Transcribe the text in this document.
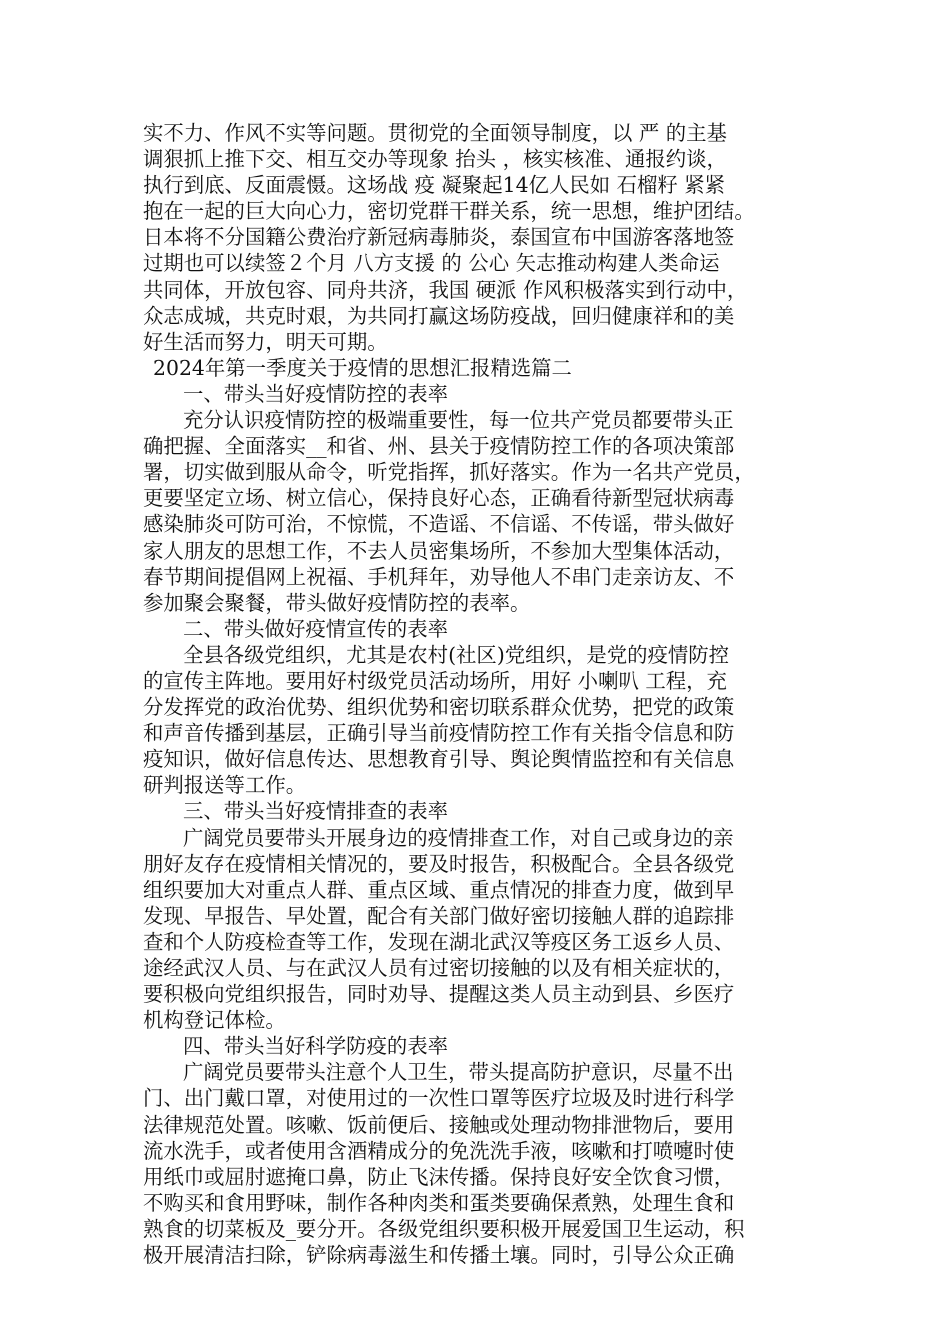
实不力、作风不实等问题。贯彻党的全面领导制度，以 严 的主基
调狠抓上推下交、相互交办等现象 抬头 ，核实核准、通报约谈，
执行到底、反面震慑。这场战 疫 凝聚起14亿人民如 石榴籽 紧紧
抱在一起的巨大向心力，密切党群干群关系，统一思想，维护团结。
日本将不分国籍公费治疗新冠病毒肺炎，泰国宣布中国游客落地签
过期也可以续签２个月 八方支援 的 公心 矢志推动构建人类命运
共同体，开放包容、同舟共济，我国 硬派 作风积极落实到行动中，
众志成城，共克时艰，为共同打赢这场防疫战，回归健康祥和的美
好生活而努力，明天可期。
2024年第一季度关于疫情的思想汇报精选篇二
一、带头当好疫情防控的表率
充分认识疫情防控的极端重要性，每一位共产党员都要带头正
确把握、全面落实__和省、州、县关于疫情防控工作的各项决策部
署，切实做到服从命令，听党指挥，抓好落实。作为一名共产党员，
更要坚定立场、树立信心，保持良好心态，正确看待新型冠状病毒
感染肺炎可防可治，不惊慌，不造谣、不信谣、不传谣，带头做好
家人朋友的思想工作，不去人员密集场所，不参加大型集体活动，
春节期间提倡网上祝福、手机拜年，劝导他人不串门走亲访友、不
参加聚会聚餐，带头做好疫情防控的表率。
二、带头做好疫情宣传的表率
全县各级党组织，尤其是农村(社区)党组织，是党的疫情防控
的宣传主阵地。要用好村级党员活动场所，用好 小喇叭 工程，充
分发挥党的政治优势、组织优势和密切联系群众优势，把党的政策
和声音传播到基层，正确引导当前疫情防控工作有关指令信息和防
疫知识，做好信息传达、思想教育引导、舆论舆情监控和有关信息
研判报送等工作。
三、带头当好疫情排查的表率
广阔党员要带头开展身边的疫情排查工作，对自己或身边的亲
朋好友存在疫情相关情况的，要及时报告，积极配合。全县各级党
组织要加大对重点人群、重点区域、重点情况的排查力度，做到早
发现、早报告、早处置，配合有关部门做好密切接触人群的追踪排
查和个人防疫检查等工作，发现在湖北武汉等疫区务工返乡人员、
途经武汉人员、与在武汉人员有过密切接触的以及有相关症状的，
要积极向党组织报告，同时劝导、提醒这类人员主动到县、乡医疗
机构登记体检。
四、带头当好科学防疫的表率
广阔党员要带头注意个人卫生，带头提高防护意识，尽量不出
门、出门戴口罩，对使用过的一次性口罩等医疗垃圾及时进行科学
法律规范处置。咳嗽、饭前便后、接触或处理动物排泄物后，要用
流水洗手，或者使用含酒精成分的免洗洗手液，咳嗽和打喷嚏时使
用纸巾或屈肘遮掩口鼻，防止飞沫传播。保持良好安全饮食习惯，
不购买和食用野味，制作各种肉类和蛋类要确保煮熟，处理生食和
熟食的切菜板及_要分开。各级党组织要积极开展爱国卫生运动，积
极开展清洁扫除，铲除病毒滋生和传播土壤。同时，引导公众正确
